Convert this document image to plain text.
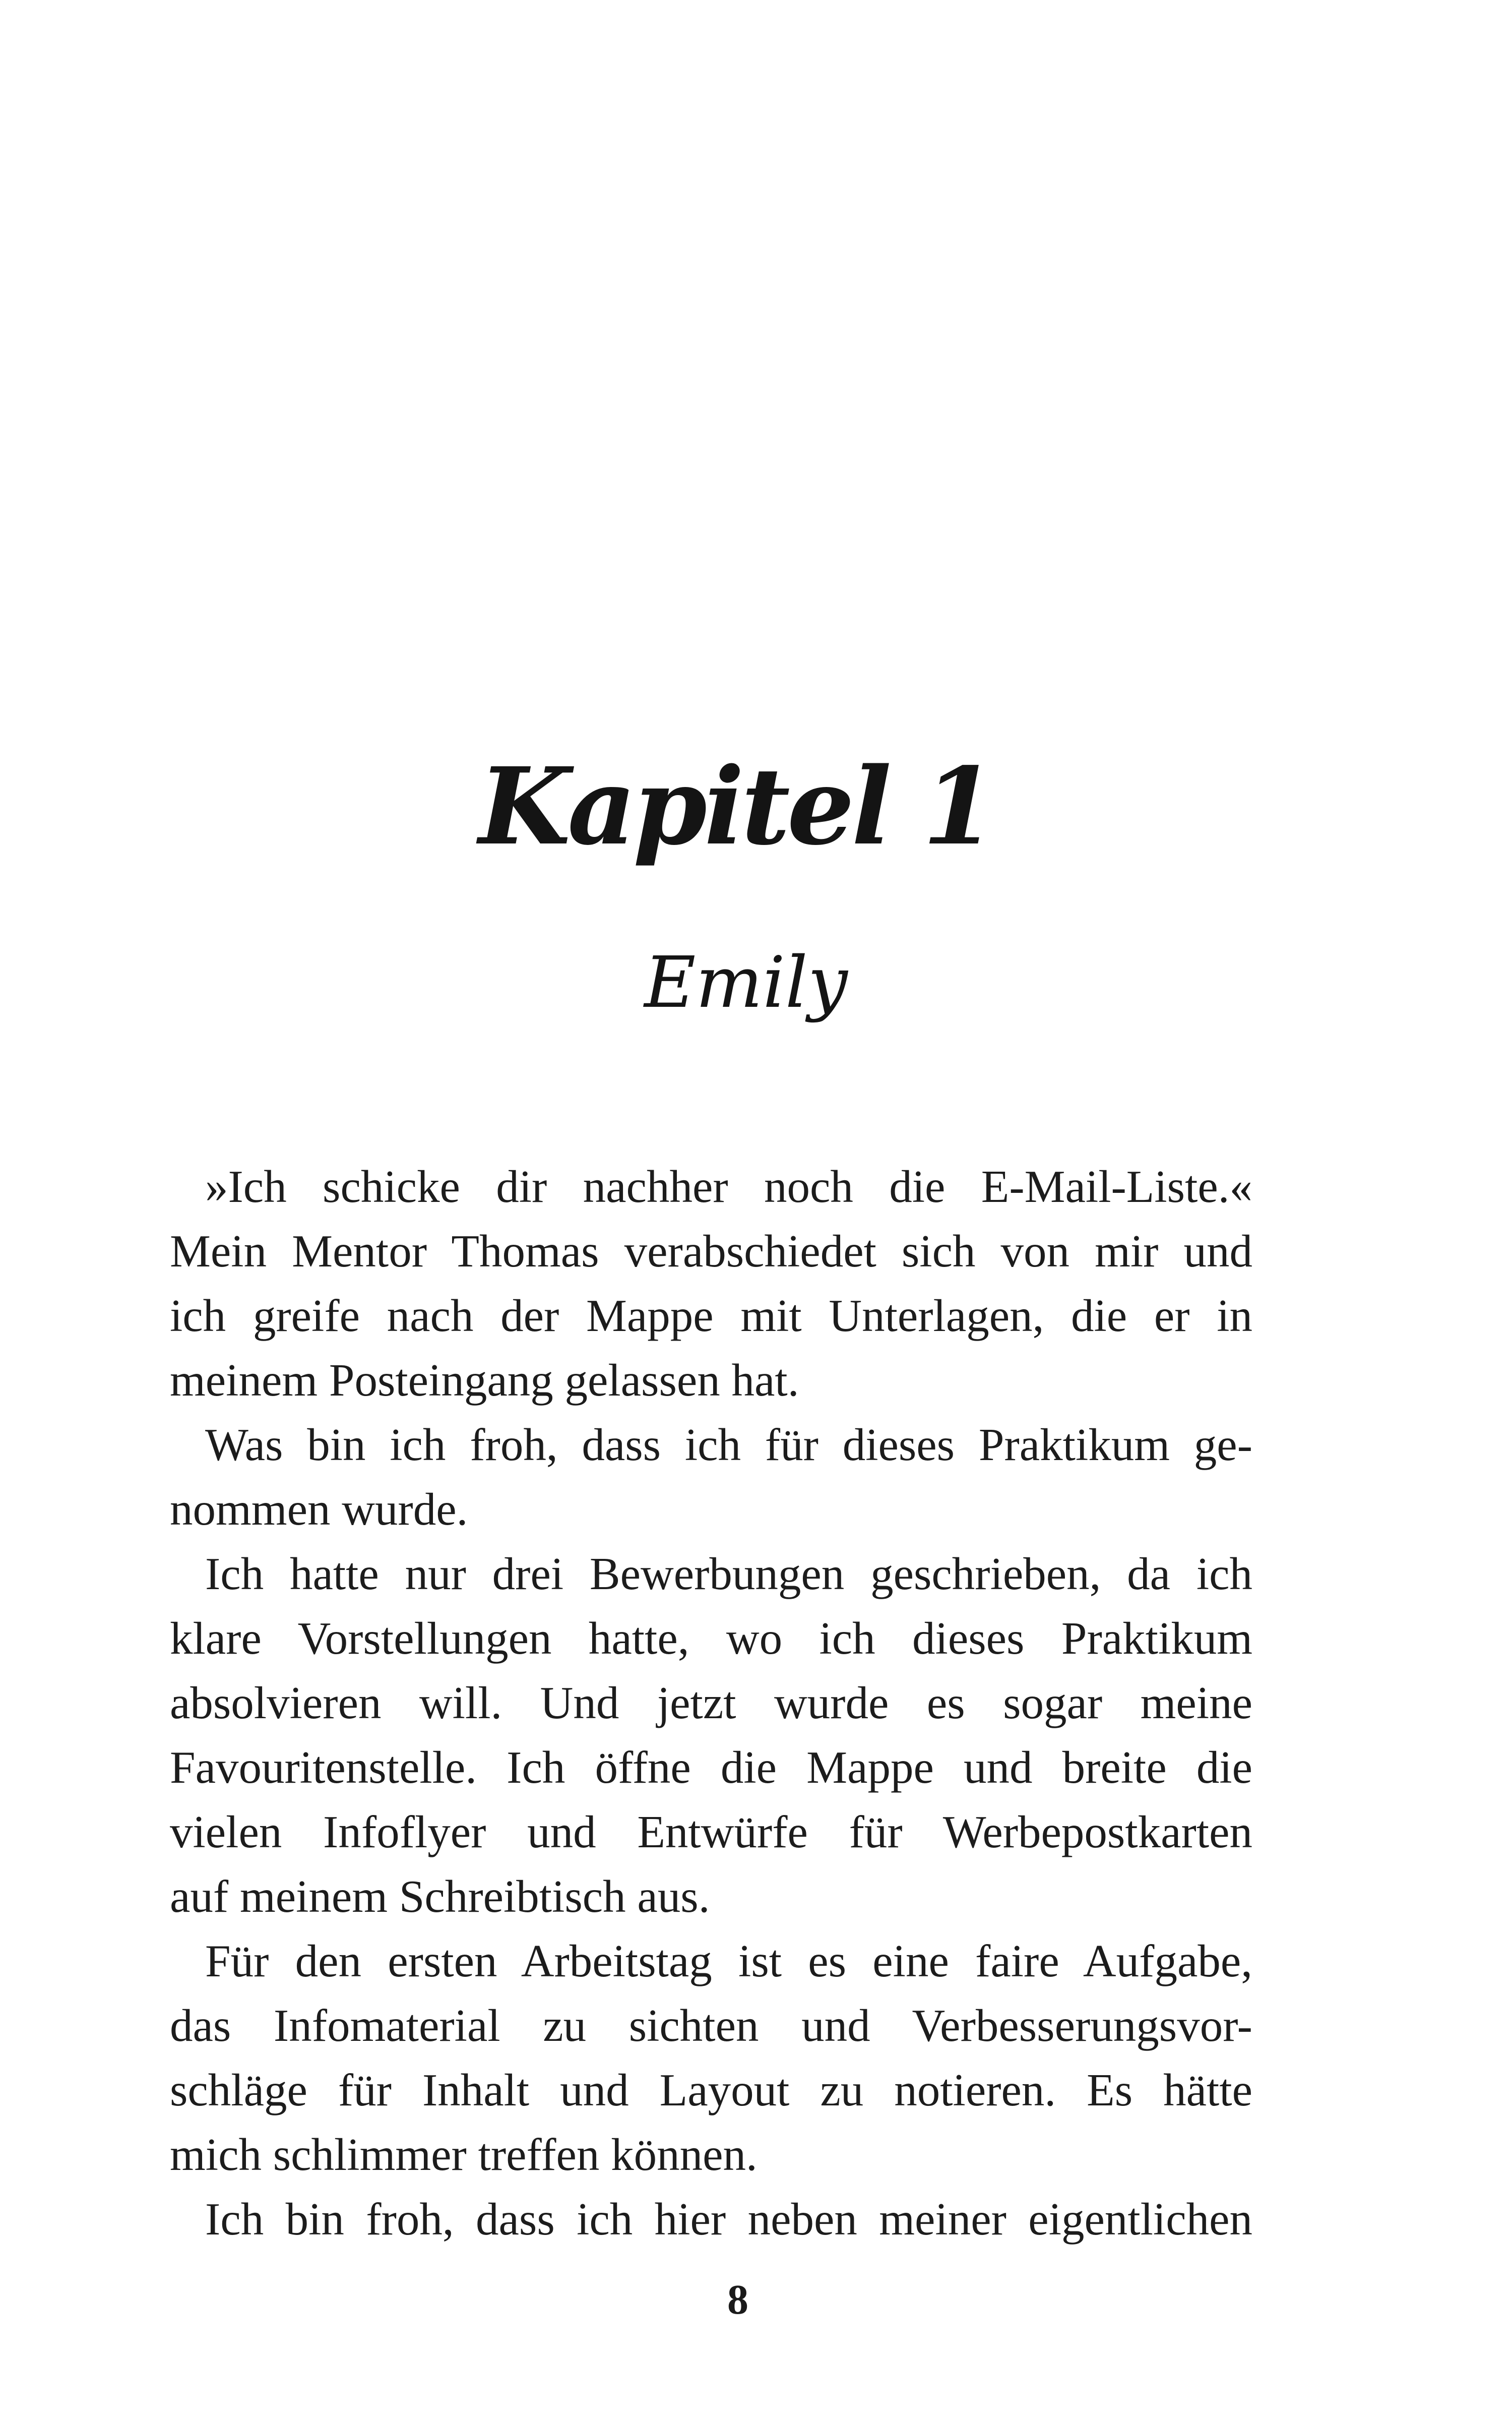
Kapitel 1
Emily
»Ich schicke dir nachher noch die E-Mail-Liste.«
Mein Mentor Thomas verabschiedet sich von mir und
ich greife nach der Mappe mit Unterlagen, die er in
meinem Posteingang gelassen hat.
Was bin ich froh, dass ich für dieses Praktikum ge-
nommen wurde.
Ich hatte nur drei Bewerbungen geschrieben, da ich
klare Vorstellungen hatte, wo ich dieses Praktikum
absolvieren will. Und jetzt wurde es sogar meine
Favouritenstelle. Ich öffne die Mappe und breite die
vielen Infoflyer und Entwürfe für Werbepostkarten
auf meinem Schreibtisch aus.
Für den ersten Arbeitstag ist es eine faire Aufgabe,
das Infomaterial zu sichten und Verbesserungsvor-
schläge für Inhalt und Layout zu notieren. Es hätte
mich schlimmer treffen können.
Ich bin froh, dass ich hier neben meiner eigentlichen
8
